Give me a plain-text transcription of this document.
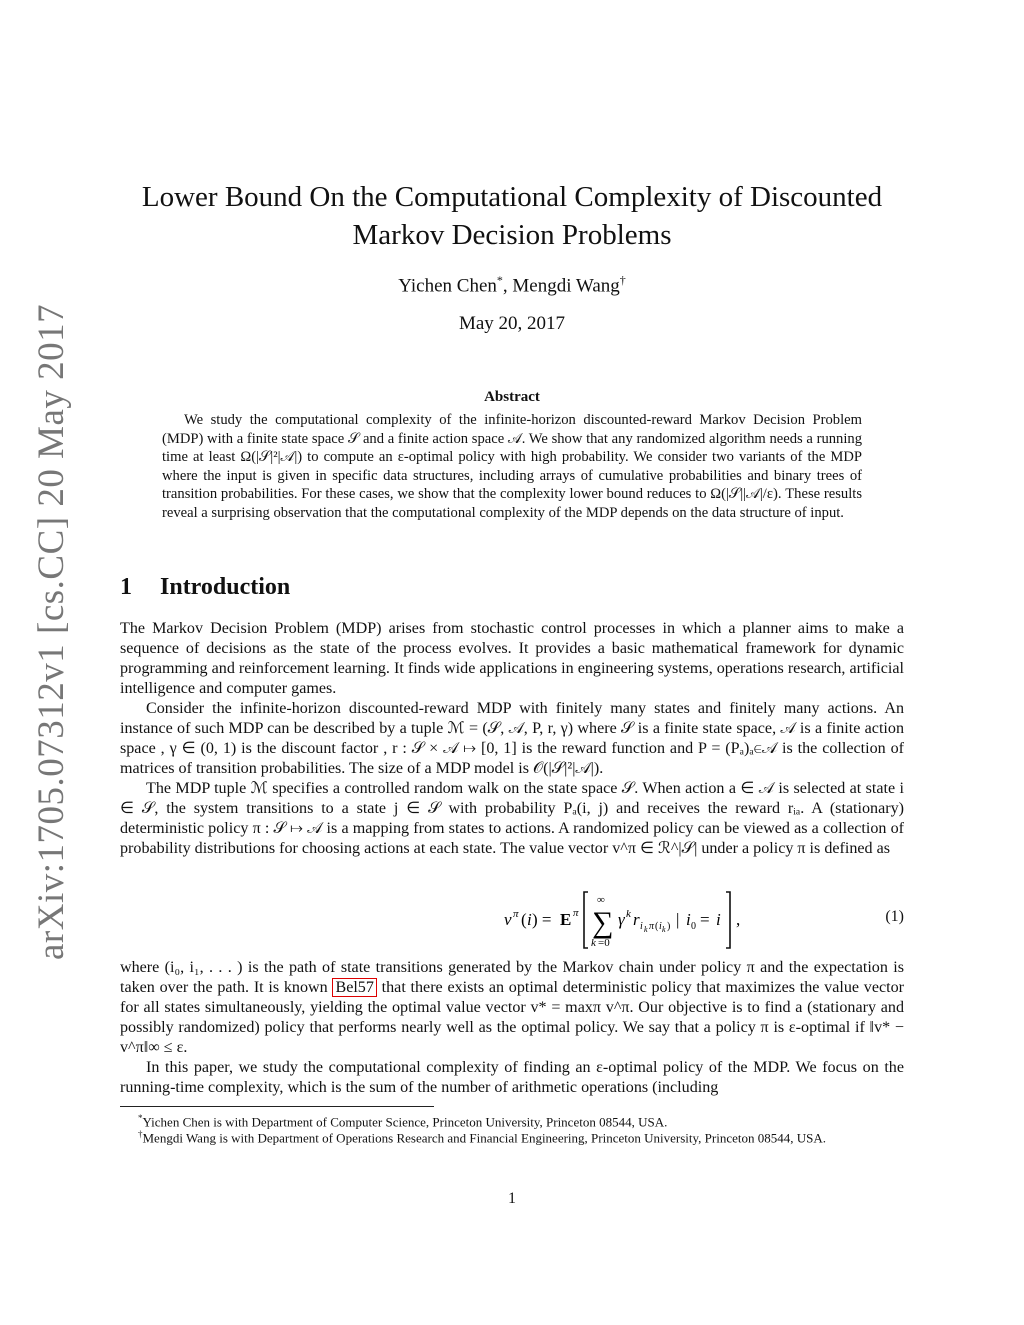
arXiv:1705.07312v1 [cs.CC] 20 May 2017
Lower Bound On the Computational Complexity of Discounted Markov Decision Problems
Yichen Chen*, Mengdi Wang†
May 20, 2017
Abstract

We study the computational complexity of the infinite-horizon discounted-reward Markov Decision Problem (MDP) with a finite state space 𝒮 and a finite action space 𝒜. We show that any randomized algorithm needs a running time at least Ω(|𝒮|²|𝒜|) to compute an ε-optimal policy with high probability. We consider two variants of the MDP where the input is given in specific data structures, including arrays of cumulative probabilities and binary trees of transition probabilities. For these cases, we show that the complexity lower bound reduces to Ω(|𝒮||𝒜|/ε). These results reveal a surprising observation that the computational complexity of the MDP depends on the data structure of input.

1 Introduction

The Markov Decision Problem (MDP) arises from stochastic control processes in which a planner aims to make a sequence of decisions as the state of the process evolves. It provides a basic mathematical framework for dynamic programming and reinforcement learning. It finds wide applications in engineering systems, operations research, artificial intelligence and computer games.

Consider the infinite-horizon discounted-reward MDP with finitely many states and finitely many actions. An instance of such MDP can be described by a tuple ℳ = (𝒮, 𝒜, P, r, γ) where 𝒮 is a finite state space, 𝒜 is a finite action space , γ ∈ (0, 1) is the discount factor , r : 𝒮 × 𝒜 ↦ [0, 1] is the reward function and P = (Pₐ)ₐ∈𝒜 is the collection of matrices of transition probabilities. The size of a MDP model is 𝒪(|𝒮|²|𝒜|).

The MDP tuple ℳ specifies a controlled random walk on the state space 𝒮. When action a ∈ 𝒜 is selected at state i ∈ 𝒮, the system transitions to a state j ∈ 𝒮 with probability Pₐ(i, j) and receives the reward rᵢₐ. A (stationary) deterministic policy π : 𝒮 ↦ 𝒜 is a mapping from states to actions. A randomized policy can be viewed as a collection of probability distributions for choosing actions at each state. The value vector v^π ∈ ℛ^|𝒮| under a policy π is defined as

v π ( i ) = E π
∞
∑
k =0
γ k r i k π ( i k ) | i 0 = i ,	(1)

where (i₀, i₁, . . . ) is the path of state transitions generated by the Markov chain under policy π and the expectation is taken over the path. It is known Bel57 that there exists an optimal deterministic policy that maximizes the value vector for all states simultaneously, yielding the optimal value vector v* = maxπ v^π. Our objective is to find a (stationary and possibly randomized) policy that performs nearly well as the optimal policy. We say that a policy π is ε-optimal if ‖v* − v^π‖∞ ≤ ε.

In this paper, we study the computational complexity of finding an ε-optimal policy of the MDP. We focus on the running-time complexity, which is the sum of the number of arithmetic operations (including

*Yichen Chen is with Department of Computer Science, Princeton University, Princeton 08544, USA.

†Mengdi Wang is with Department of Operations Research and Financial Engineering, Princeton University, Princeton 08544, USA.

1
